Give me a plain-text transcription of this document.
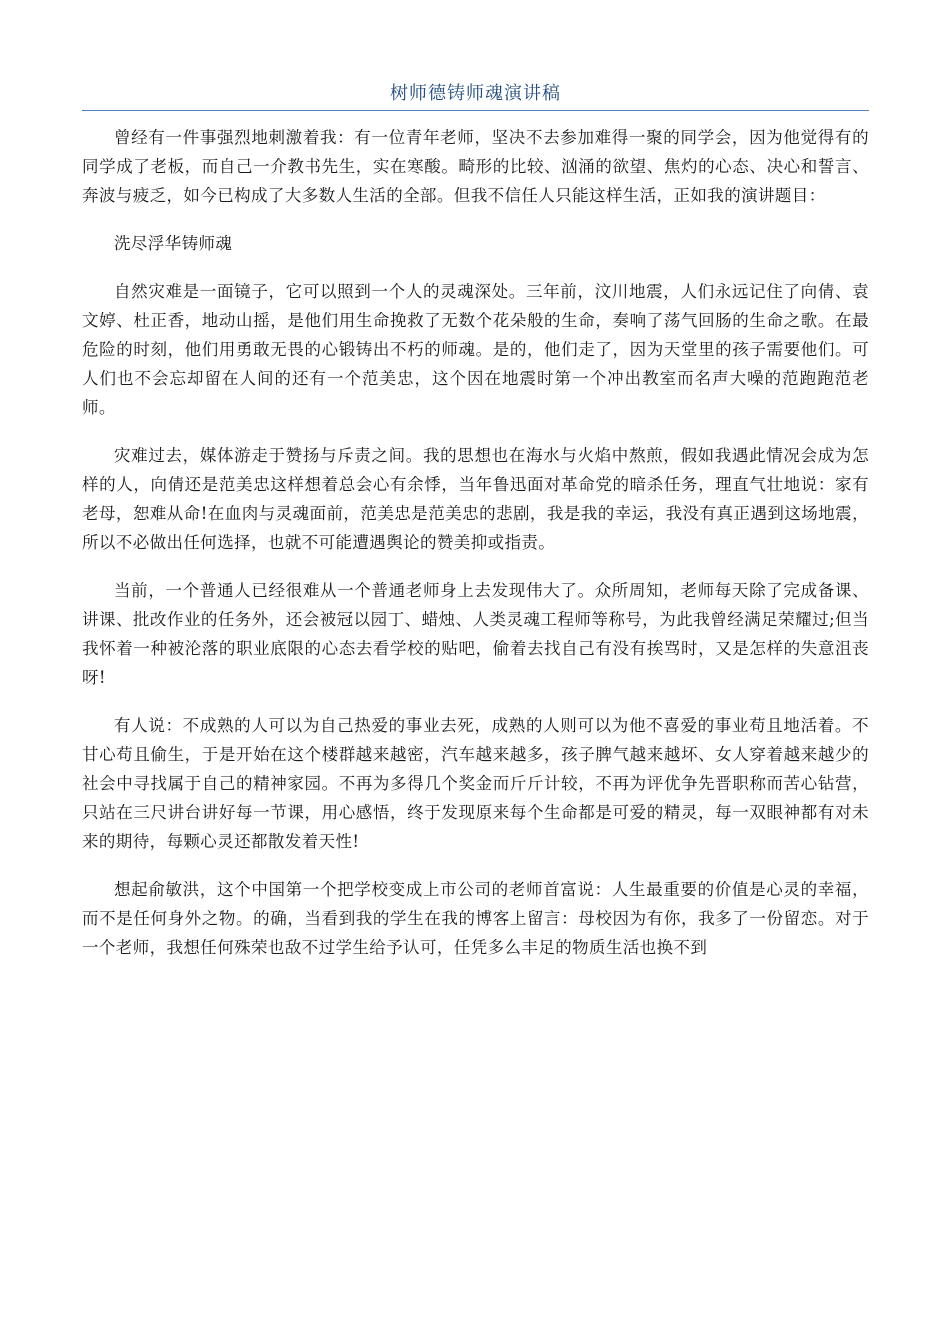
树师德铸师魂演讲稿

曾经有一件事强烈地刺激着我：有一位青年老师，坚决不去参加难得一聚的同学会，因为他觉得有的同学成了老板，而自己一介教书先生，实在寒酸。畸形的比较、汹涌的欲望、焦灼的心态、决心和誓言、奔波与疲乏，如今已构成了大多数人生活的全部。但我不信任人只能这样生活，正如我的演讲题目：

洗尽浮华铸师魂

自然灾难是一面镜子，它可以照到一个人的灵魂深处。三年前，汶川地震，人们永远记住了向倩、袁文婷、杜正香，地动山摇，是他们用生命挽救了无数个花朵般的生命，奏响了荡气回肠的生命之歌。在最危险的时刻，他们用勇敢无畏的心锻铸出不朽的师魂。是的，他们走了，因为天堂里的孩子需要他们。可人们也不会忘却留在人间的还有一个范美忠，这个因在地震时第一个冲出教室而名声大噪的范跑跑范老师。

灾难过去，媒体游走于赞扬与斥责之间。我的思想也在海水与火焰中熬煎，假如我遇此情况会成为怎样的人，向倩还是范美忠这样想着总会心有余悸，当年鲁迅面对革命党的暗杀任务，理直气壮地说：家有老母，恕难从命!在血肉与灵魂面前，范美忠是范美忠的悲剧，我是我的幸运，我没有真正遇到这场地震，所以不必做出任何选择，也就不可能遭遇舆论的赞美抑或指责。

当前，一个普通人已经很难从一个普通老师身上去发现伟大了。众所周知，老师每天除了完成备课、讲课、批改作业的任务外，还会被冠以园丁、蜡烛、人类灵魂工程师等称号，为此我曾经满足荣耀过;但当我怀着一种被沦落的职业底限的心态去看学校的贴吧，偷着去找自己有没有挨骂时，又是怎样的失意沮丧呀!

有人说：不成熟的人可以为自己热爱的事业去死，成熟的人则可以为他不喜爱的事业苟且地活着。不甘心苟且偷生，于是开始在这个楼群越来越密，汽车越来越多，孩子脾气越来越坏、女人穿着越来越少的社会中寻找属于自己的精神家园。不再为多得几个奖金而斤斤计较，不再为评优争先晋职称而苦心钻营，只站在三尺讲台讲好每一节课，用心感悟，终于发现原来每个生命都是可爱的精灵，每一双眼神都有对未来的期待，每颗心灵还都散发着天性!

想起俞敏洪，这个中国第一个把学校变成上市公司的老师首富说：人生最重要的价值是心灵的幸福，而不是任何身外之物。的确，当看到我的学生在我的博客上留言：母校因为有你，我多了一份留恋。对于一个老师，我想任何殊荣也敌不过学生给予认可，任凭多么丰足的物质生活也换不到
